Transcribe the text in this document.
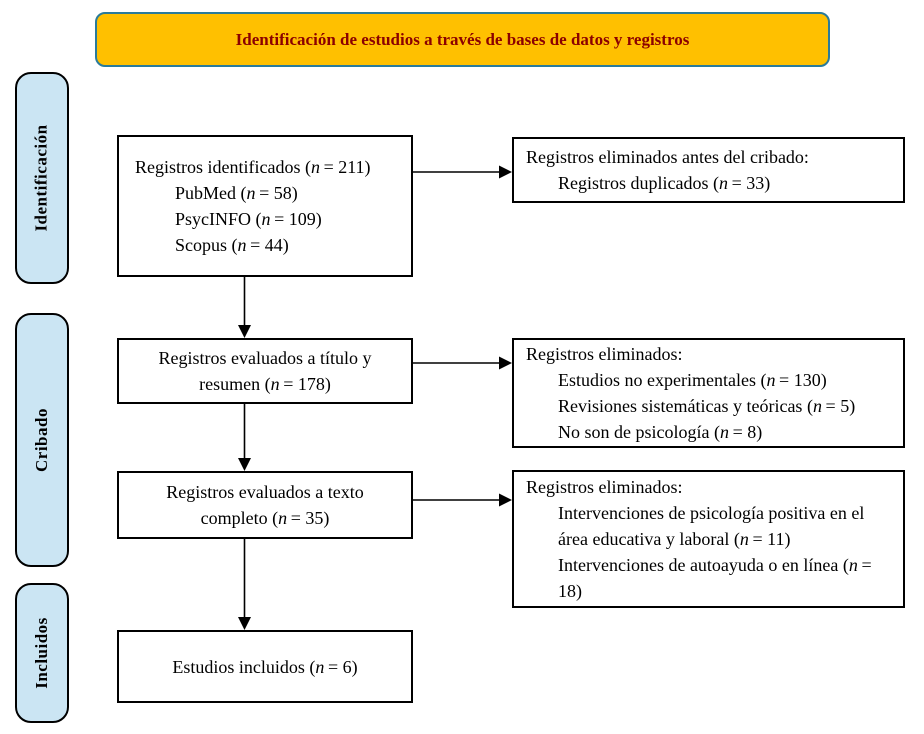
Identificación de estudios a través de bases de datos y registros
Identificación
Cribado
Incluidos
Registros identificados (n = 211)
PubMed (n = 58)
PsycINFO (n = 109)
Scopus (n = 44)
Registros evaluados a título y resumen (n = 178)
Registros evaluados a texto completo (n = 35)
Estudios incluidos (n = 6)
Registros eliminados antes del cribado:
Registros duplicados (n = 33)
Registros eliminados:
Estudios no experimentales (n = 130)
Revisiones sistemáticas y teóricas (n = 5)
No son de psicología (n = 8)
Registros eliminados:
Intervenciones de psicología positiva en el área educativa y laboral (n = 11)
Intervenciones de autoayuda o en línea (n = 18)
